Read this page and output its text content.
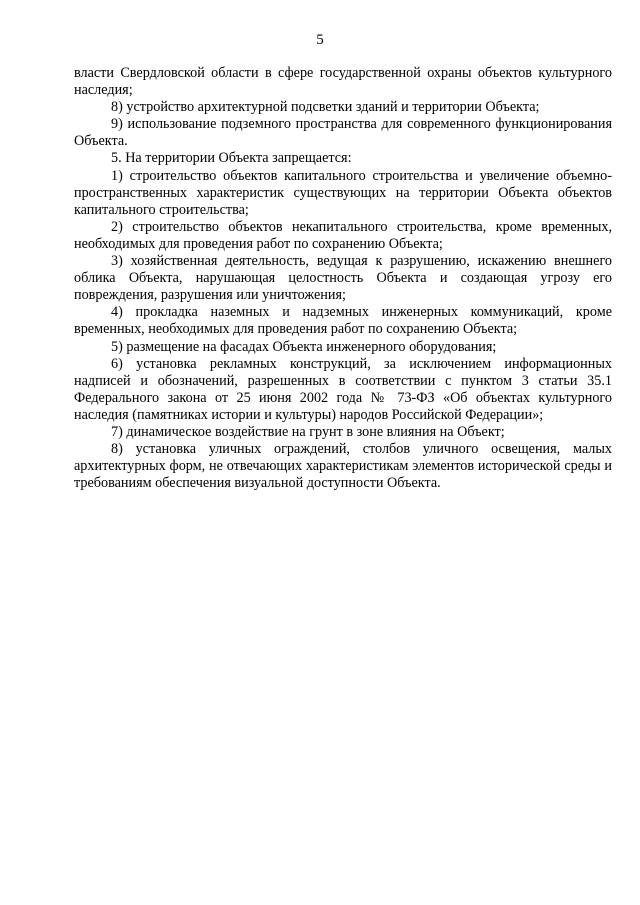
5

власти Свердловской области в сфере государственной охраны объектов культурного наследия;

8) устройство архитектурной подсветки зданий и территории Объекта;

9) использование подземного пространства для современного функционирования Объекта.

5. На территории Объекта запрещается:

1) строительство объектов капитального строительства и увеличение объемно-пространственных характеристик существующих на территории Объекта объектов капитального строительства;

2) строительство объектов некапитального строительства, кроме временных, необходимых для проведения работ по сохранению Объекта;

3) хозяйственная деятельность, ведущая к разрушению, искажению внешнего облика Объекта, нарушающая целостность Объекта и создающая угрозу его повреждения, разрушения или уничтожения;

4) прокладка наземных и надземных инженерных коммуникаций, кроме временных, необходимых для проведения работ по сохранению Объекта;

5) размещение на фасадах Объекта инженерного оборудования;

6) установка рекламных конструкций, за исключением информационных надписей и обозначений, разрешенных в соответствии с пунктом 3 статьи 35.1 Федерального закона от 25 июня 2002 года № 73-ФЗ «Об объектах культурного наследия (памятниках истории и культуры) народов Российской Федерации»;

7) динамическое воздействие на грунт в зоне влияния на Объект;

8) установка уличных ограждений, столбов уличного освещения, малых архитектурных форм, не отвечающих характеристикам элементов исторической среды и требованиям обеспечения визуальной доступности Объекта.
